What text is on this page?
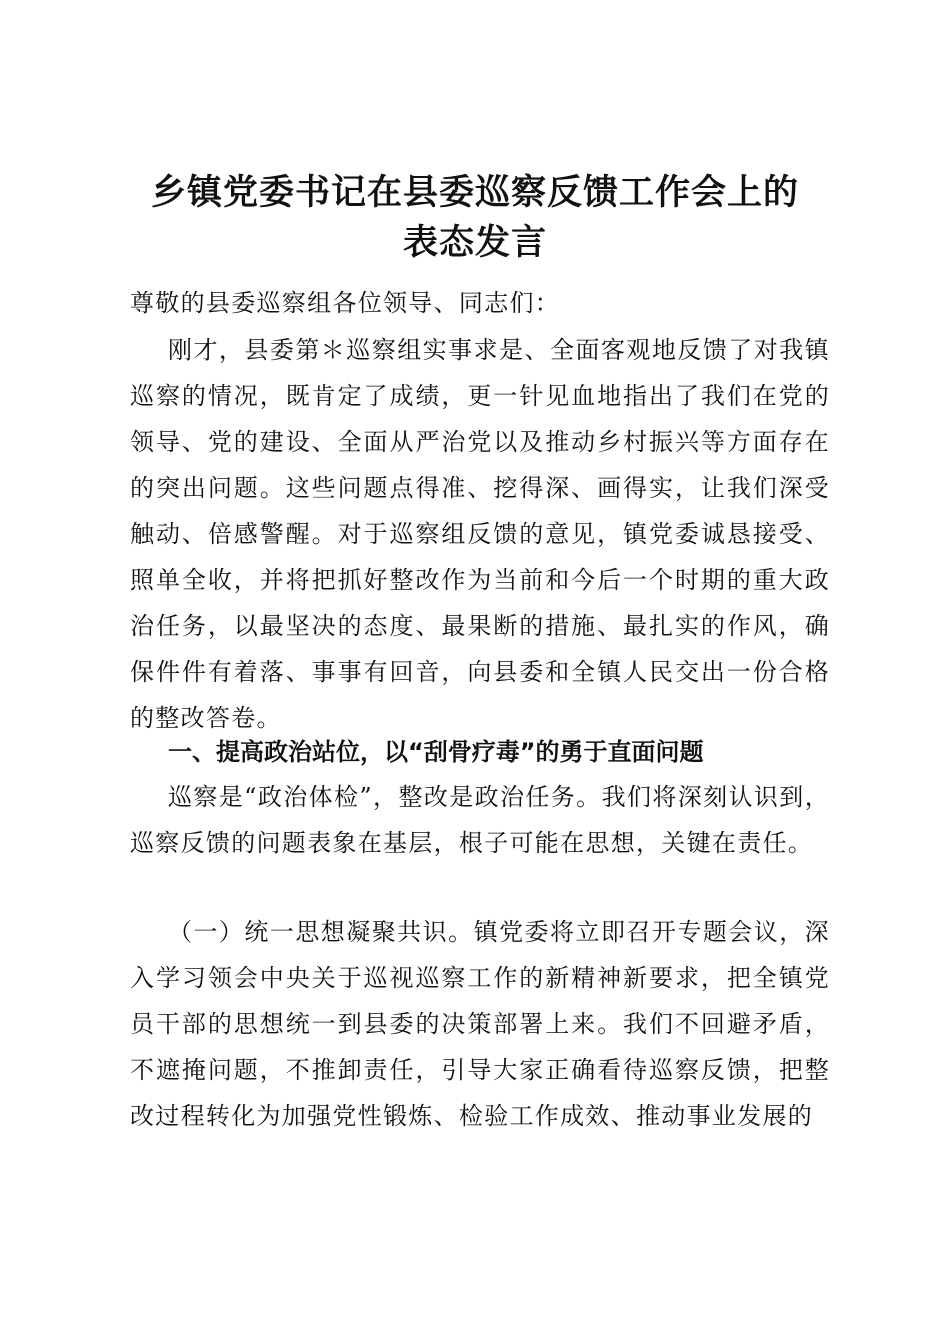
乡镇党委书记在县委巡察反馈工作会上的
表态发言

尊敬的县委巡察组各位领导、同志们：

刚才，县委第＊巡察组实事求是、全面客观地反馈了对我镇巡察的情况，既肯定了成绩，更一针见血地指出了我们在党的领导、党的建设、全面从严治党以及推动乡村振兴等方面存在的突出问题。这些问题点得准、挖得深、画得实，让我们深受触动、倍感警醒。对于巡察组反馈的意见，镇党委诚恳接受、照单全收，并将把抓好整改作为当前和今后一个时期的重大政治任务，以最坚决的态度、最果断的措施、最扎实的作风，确保件件有着落、事事有回音，向县委和全镇人民交出一份合格的整改答卷。

一、提高政治站位，以“刮骨疗毒”的勇于直面问题

巡察是“政治体检”，整改是政治任务。我们将深刻认识到，巡察反馈的问题表象在基层，根子可能在思想，关键在责任。

（一）统一思想凝聚共识。镇党委将立即召开专题会议，深入学习领会中央关于巡视巡察工作的新精神新要求，把全镇党员干部的思想统一到县委的决策部署上来。我们不回避矛盾，不遮掩问题，不推卸责任，引导大家正确看待巡察反馈，把整改过程转化为加强党性锻炼、检验工作成效、推动事业发展的
